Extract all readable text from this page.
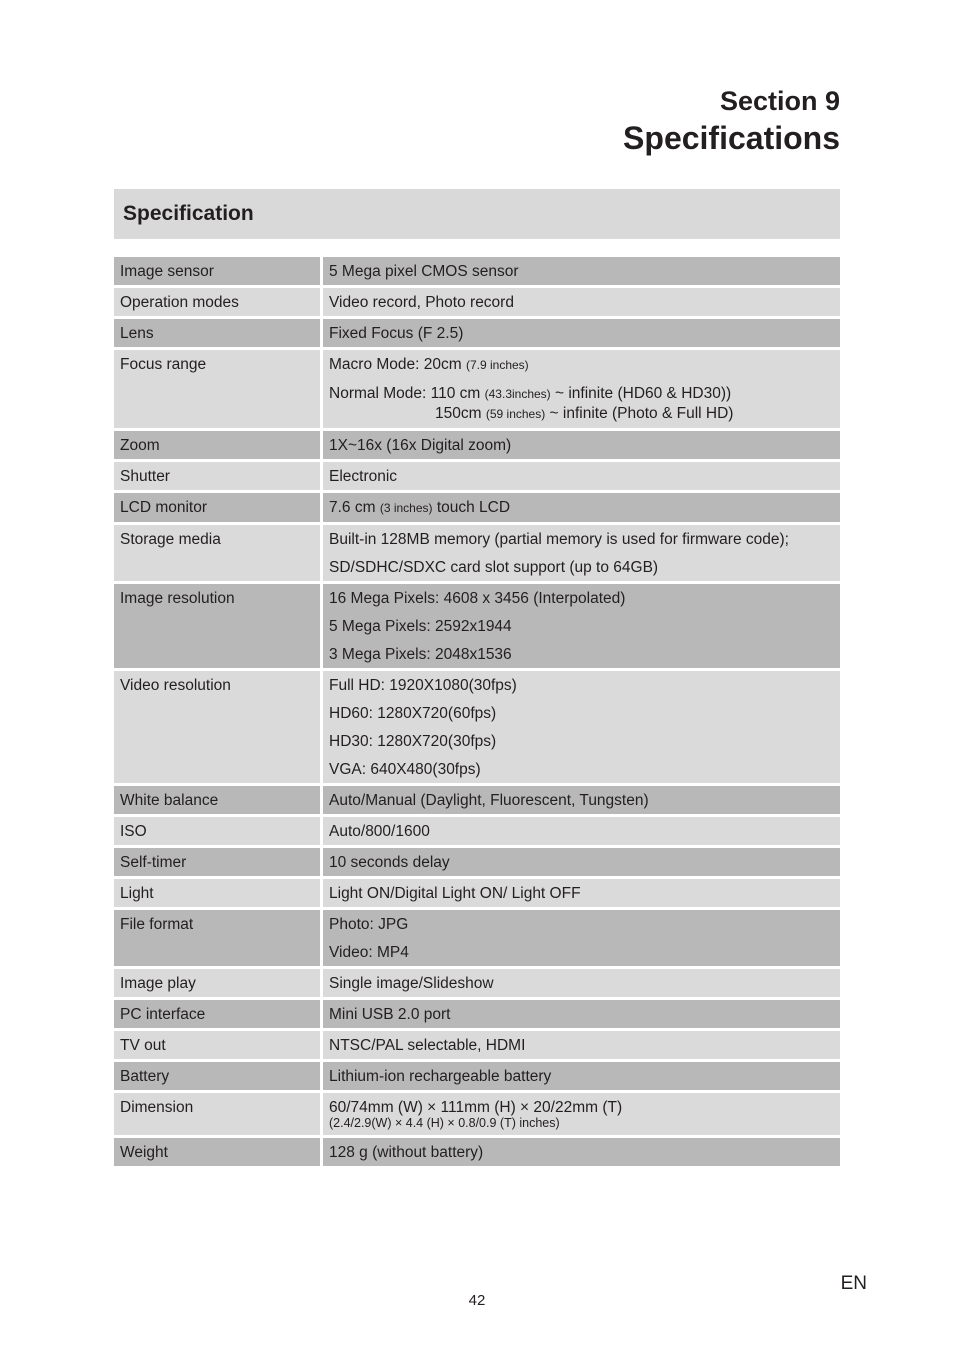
Section 9
Specifications
Specification
Image sensor		5 Mega pixel CMOS sensor

Operation modes		Video record, Photo record

Lens		Fixed Focus (F 2.5)

Focus range		Macro Mode: 20cm (7.9 inches)
Normal Mode: 110 cm (43.3inches) ~ infinite (HD60 & HD30))
150cm (59 inches) ~ infinite (Photo & Full HD)

Zoom		1X~16x (16x Digital zoom)

Shutter		Electronic

LCD monitor		7.6 cm (3 inches) touch LCD

Storage media		Built-in 128MB memory (partial memory is used for firmware code);
SD/SDHC/SDXC card slot support (up to 64GB)

Image resolution		16 Mega Pixels: 4608 x 3456 (Interpolated)
5 Mega Pixels: 2592x1944
3 Mega Pixels: 2048x1536

Video resolution		Full HD: 1920X1080(30fps)
HD60: 1280X720(60fps)
HD30: 1280X720(30fps)
VGA: 640X480(30fps)

White balance		Auto/Manual (Daylight, Fluorescent, Tungsten)

ISO		Auto/800/1600

Self-timer		10 seconds delay

Light		Light ON/Digital Light ON/ Light OFF

File format		Photo: JPG
Video: MP4

Image play		Single image/Slideshow

PC interface		Mini USB 2.0 port

TV out		NTSC/PAL selectable, HDMI

Battery		Lithium-ion rechargeable battery

Dimension		60/74mm (W) × 111mm (H) × 20/22mm (T)
(2.4/2.9(W) × 4.4 (H) × 0.8/0.9 (T) inches)

Weight		128 g (without battery)
42
EN
